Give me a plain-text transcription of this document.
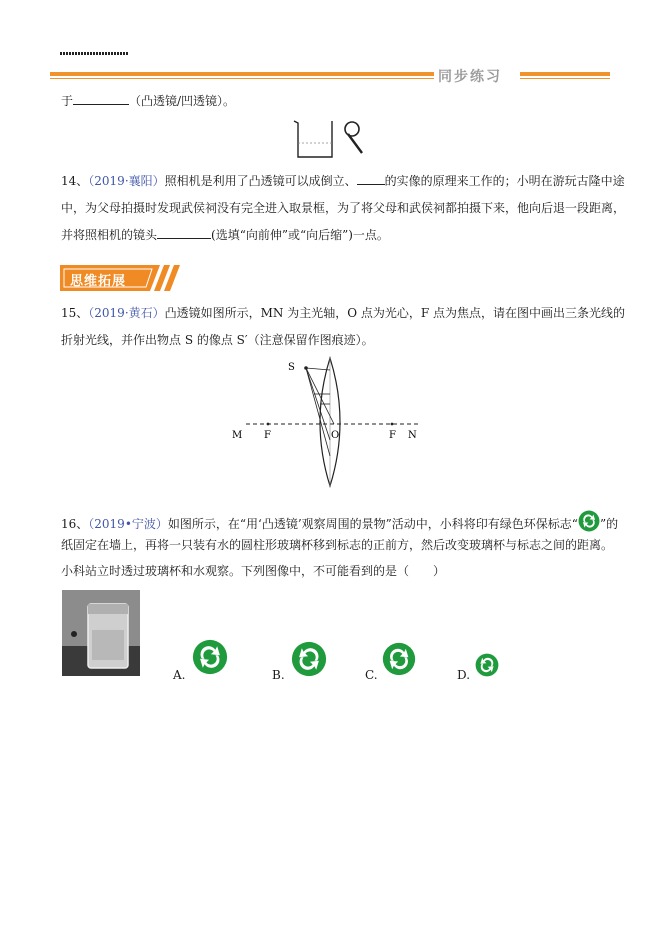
同步练习
于	（凸透镜/凹透镜）。
14、（2019·襄阳）照相机是利用了凸透镜可以成倒立、 的实像的原理来工作的；小明在游玩古隆中途
中，为父母拍摄时发现武侯祠没有完全进入取景框，为了将父母和武侯祠都拍摄下来，他向后退一段距离，
并将照相机的镜头	(选填“向前伸”或“向后缩”)一点。
思维拓展
15、（2019·黄石）凸透镜如图所示，MN 为主光轴，O 点为光心，F 点为焦点，请在图中画出三条光线的
折射光线，并作出物点 S 的像点 S′（注意保留作图痕迹）。
S
M F	O	F N
16、（2019•宁波）如图所示，在“用‘凸透镜’观察周围的景物”活动中，小科将印有绿色环保标志“ ”的
纸固定在墙上，再将一只装有水的圆柱形玻璃杯移到标志的正前方，然后改变玻璃杯与标志之间的距离。
小科站立时透过玻璃杯和水观察。下列图像中，不可能看到的是（　　）
A.	B.	C.	D.
